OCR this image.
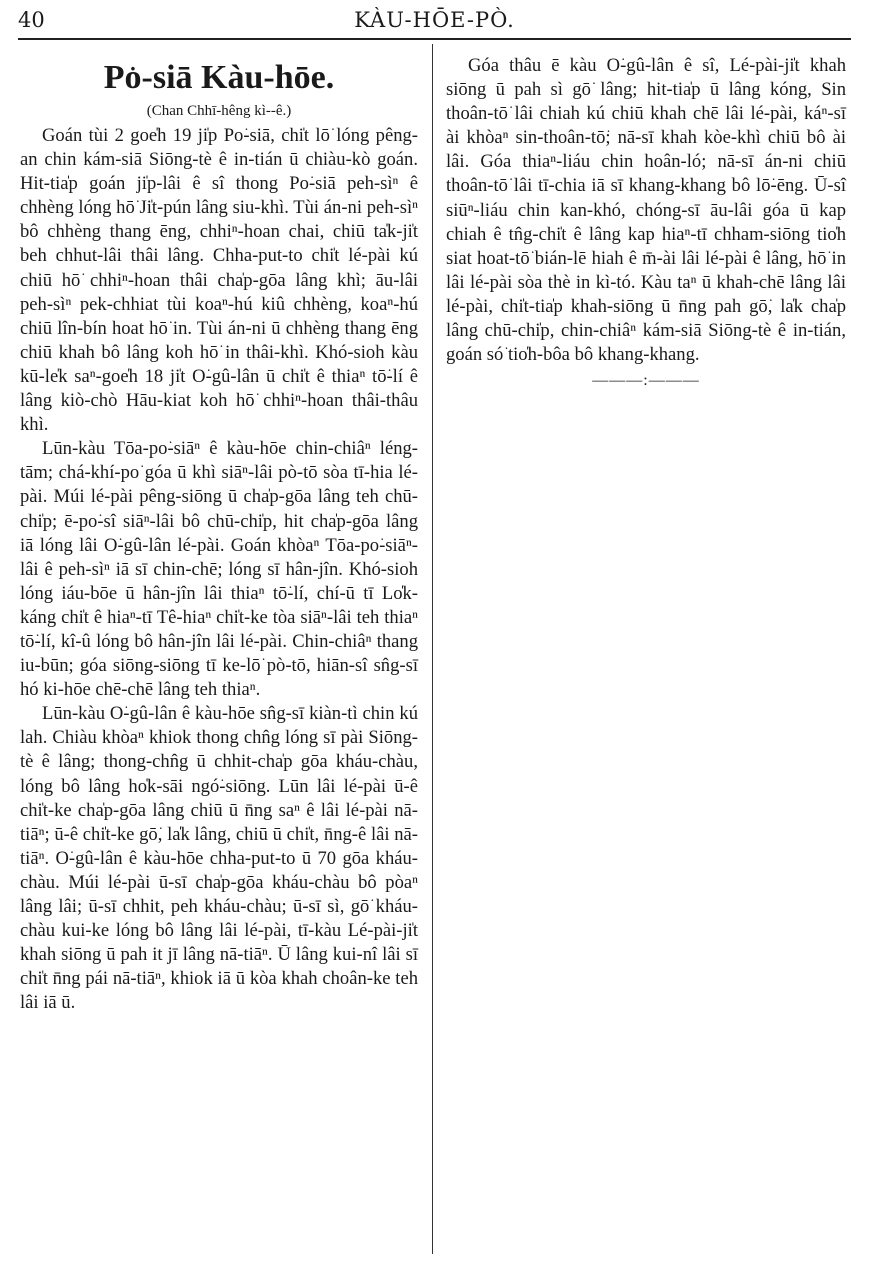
40	KÀU-HŌE-PÒ.
Po͘-siā Kàu-hōe.
(Chan Chhī-hêng kì--ê.)

Goán tùi 2 goe̍h 19 ji̍p Po͘-siā, chi̍t lō͘ lóng pêng-an chin kám-siā Siōng-tè ê in-tián ū chiàu-kò goán. Hit-tia̍p goán ji̍p-lâi ê sî thong Po͘-siā peh-sìⁿ ê chhèng lóng hō͘ Ji̍t-pún lâng siu-khì. Tùi án-ni peh-sìⁿ bô chhèng thang ēng, chhiⁿ-hoan chai, chiū ta̍k-ji̍t beh chhut-lâi thâi lâng. Chha-put-to chi̍t lé-pài kú chiū hō͘ chhiⁿ-hoan thâi cha̍p-gōa lâng khì; āu-lâi peh-sìⁿ pek-chhiat tùi koaⁿ-hú kiû chhèng, koaⁿ-hú chiū lîn-bín hoat hō͘ in. Tùi án-ni ū chhèng thang ēng chiū khah bô lâng koh hō͘ in thâi-khì. Khó-sioh kàu kū-le̍k saⁿ-goe̍h 18 ji̍t O͘-gû-lân ū chi̍t ê thiaⁿ tō͘-lí ê lâng kiò-chò Hāu-kiat koh hō͘ chhiⁿ-hoan thâi-thâu khì.

Lūn-kàu Tōa-po͘-siāⁿ ê kàu-hōe chin-chiâⁿ léng-tām; chá-khí-po͘ góa ū khì siāⁿ-lâi pò-tō sòa tī-hia lé-pài. Múi lé-pài pêng-siōng ū cha̍p-gōa lâng teh chū-chi̍p; ē-po͘-sî siāⁿ-lâi bô chū-chi̍p, hit cha̍p-gōa lâng iā lóng lâi O͘-gû-lân lé-pài. Goán khòaⁿ Tōa-po͘-siāⁿ-lâi ê peh-sìⁿ iā sī chin-chē; lóng sī hân-jîn. Khó-sioh lóng iáu-bōe ū hân-jîn lâi thiaⁿ tō͘-lí, chí-ū tī Lo̍k-káng chi̍t ê hiaⁿ-tī Tê-hiaⁿ chi̍t-ke tòa siāⁿ-lâi teh thiaⁿ tō͘-lí, kî-û lóng bô hân-jîn lâi lé-pài. Chin-chiâⁿ thang iu-būn; góa siōng-siōng tī ke-lō͘ pò-tō, hiān-sî sn̂g-sī hó ki-hōe chē-chē lâng teh thiaⁿ.

Lūn-kàu O͘-gû-lân ê kàu-hōe sn̂g-sī kiàn-tì chin kú lah. Chiàu khòaⁿ khiok thong chn̂g lóng sī pài Siōng-tè ê lâng; thong-chn̂g ū chhit-cha̍p gōa kháu-chàu, lóng bô lâng ho̍k-sāi ngó͘-siōng. Lūn lâi lé-pài ū-ê chi̍t-ke cha̍p-gōa lâng chiū ū n̄ng saⁿ ê lâi lé-pài nā-tiāⁿ; ū-ê chi̍t-ke gō͘, la̍k lâng, chiū ū chi̍t, n̄ng-ê lâi nā-tiāⁿ. O͘-gû-lân ê kàu-hōe chha-put-to ū 70 gōa kháu-chàu. Múi lé-pài ū-sī cha̍p-gōa kháu-chàu bô pòaⁿ lâng lâi; ū-sī chhit, peh kháu-chàu; ū-sī sì, gō͘ kháu-chàu kui-ke lóng bô lâng lâi lé-pài, tī-kàu Lé-pài-ji̍t khah siōng ū pah it jī lâng nā-tiāⁿ. Ū lâng kui-nî lâi sī chi̍t n̄ng pái nā-tiāⁿ, khiok iā ū kòa khah choân-ke teh lâi iā ū.

Góa thâu ē kàu O͘-gû-lân ê sî, Lé-pài-ji̍t khah siōng ū pah sì gō͘ lâng; hit-tia̍p ū lâng kóng, Sin thoân-tō͘ lâi chiah kú chiū khah chē lâi lé-pài, káⁿ-sī ài khòaⁿ sin-thoân-tō͘; nā-sī khah kòe-khì chiū bô ài lâi. Góa thiaⁿ-liáu chin hoân-ló; nā-sī án-ni chiū thoân-tō͘ lâi tī-chia iā sī khang-khang bô lō͘-ēng. Ū-sî siūⁿ-liáu chin kan-khó, chóng-sī āu-lâi góa ū kap chiah ê tn̂g-chi̍t ê lâng kap hiaⁿ-tī chham-siōng tio̍h siat hoat-tō͘ bián-lē hiah ê m̄-ài lâi lé-pài ê lâng, hō͘ in lâi lé-pài sòa thè in kì-tó. Kàu taⁿ ū khah-chē lâng lâi lé-pài, chi̍t-tia̍p khah-siōng ū n̄ng pah gō͘, la̍k cha̍p lâng chū-chi̍p, chin-chiâⁿ kám-siā Siōng-tè ê in-tián, goán só͘ tio̍h-bôa bô khang-khang.

———:———
